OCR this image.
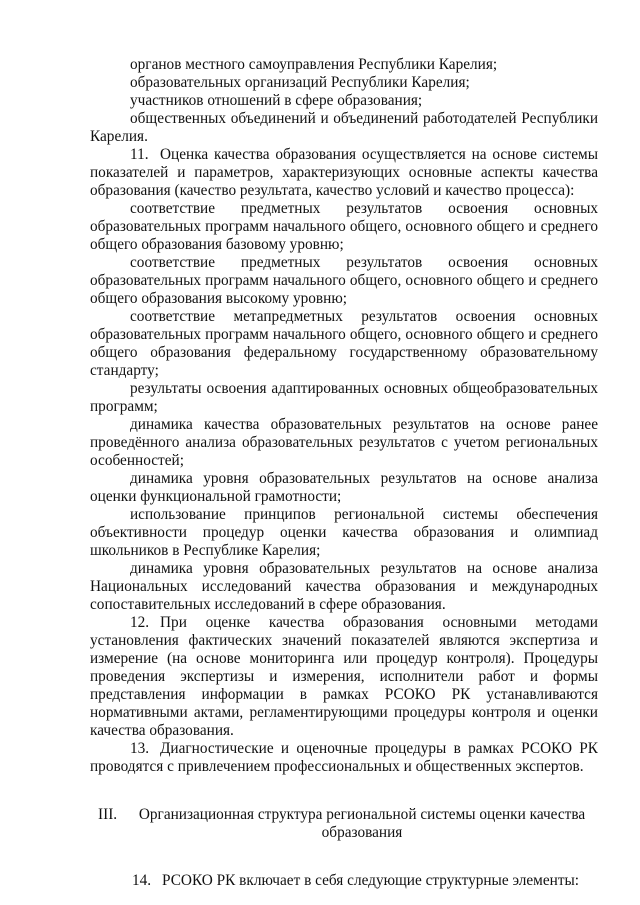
органов местного самоуправления Республики Карелия;

образовательных организаций Республики Карелия;

участников отношений в сфере образования;

общественных объединений и объединений работодателей Республики Карелия.

11. Оценка качества образования осуществляется на основе системы показателей и параметров, характеризующих основные аспекты качества образования (качество результата, качество условий и качество процесса):

соответствие предметных результатов освоения основных образовательных программ начального общего, основного общего и среднего общего образования базовому уровню;

соответствие предметных результатов освоения основных образовательных программ начального общего, основного общего и среднего общего образования высокому уровню;

соответствие метапредметных результатов освоения основных образовательных программ начального общего, основного общего и среднего общего образования федеральному государственному образовательному стандарту;

результаты освоения адаптированных основных общеобразовательных программ;

динамика качества образовательных результатов на основе ранее проведённого анализа образовательных результатов с учетом региональных особенностей;

динамика уровня образовательных результатов на основе анализа оценки функциональной грамотности;

использование принципов региональной системы обеспечения объективности процедур оценки качества образования и олимпиад школьников в Республике Карелия;

динамика уровня образовательных результатов на основе анализа Национальных исследований качества образования и международных сопоставительных исследований в сфере образования.

12. При оценке качества образования основными методами установления фактических значений показателей являются экспертиза и измерение (на основе мониторинга или процедур контроля). Процедуры проведения экспертизы и измерения, исполнители работ и формы представления информации в рамках РСОКО РК устанавливаются нормативными актами, регламентирующими процедуры контроля и оценки качества образования.

13. Диагностические и оценочные процедуры в рамках РСОКО РК проводятся с привлечением профессиональных и общественных экспертов.

III.	Организационная структура региональной системы оценки качества образования

14. РСОКО РК включает в себя следующие структурные элементы:
